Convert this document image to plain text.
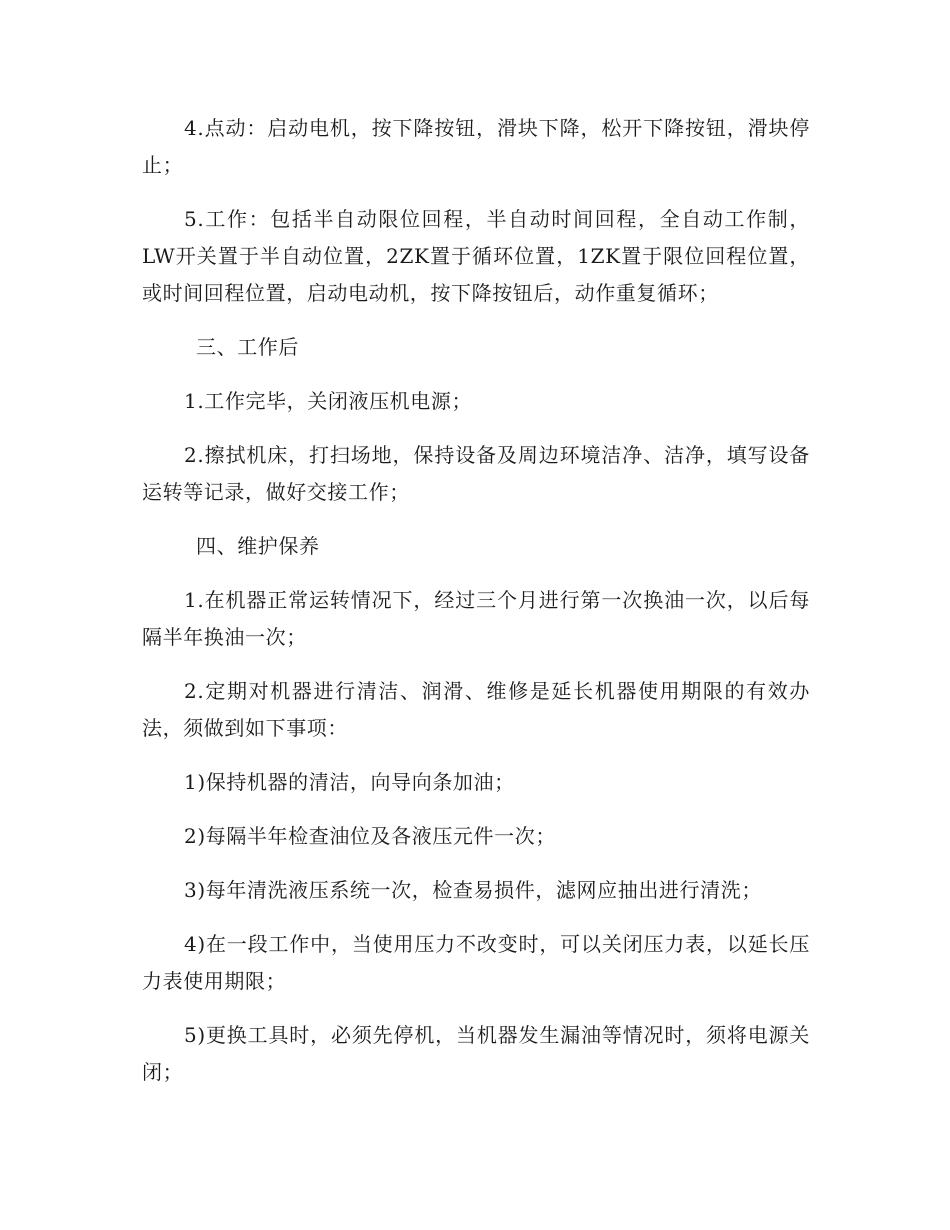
4.点动：启动电机，按下降按钮，滑块下降，松开下降按钮，滑块停止；

5.工作：包括半自动限位回程，半自动时间回程，全自动工作制，LW开关置于半自动位置，2ZK置于循环位置，1ZK置于限位回程位置，或时间回程位置，启动电动机，按下降按钮后，动作重复循环；

三、工作后

1.工作完毕，关闭液压机电源；

2.擦拭机床，打扫场地，保持设备及周边环境洁净、洁净，填写设备运转等记录，做好交接工作；

四、维护保养

1.在机器正常运转情况下，经过三个月进行第一次换油一次，以后每隔半年换油一次；

2.定期对机器进行清洁、润滑、维修是延长机器使用期限的有效办法，须做到如下事项：

1)保持机器的清洁，向导向条加油；

2)每隔半年检查油位及各液压元件一次；

3)每年清洗液压系统一次，检查易损件，滤网应抽出进行清洗；

4)在一段工作中，当使用压力不改变时，可以关闭压力表，以延长压力表使用期限；

5)更换工具时，必须先停机，当机器发生漏油等情况时，须将电源关闭；
